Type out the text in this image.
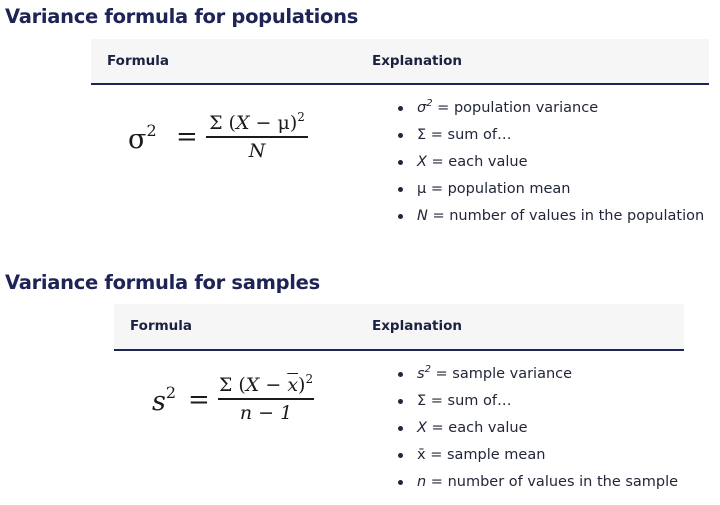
Variance formula for populations
Formula	Explanation
$\sigma^2 = \Sigma$ $(X - \mu)^2$
N
$\sigma^2$ = population variance
Σ = sum of…
X = each value
μ = population mean
N = number of values in the population
Variance formula for samples
Formula	Explanation
$s^2 = \Sigma$ $(X - \overline{x})^2$
n − 1
$s^2$ = sample variance
Σ = sum of…
X = each value
x̄ = sample mean
n = number of values in the sample
